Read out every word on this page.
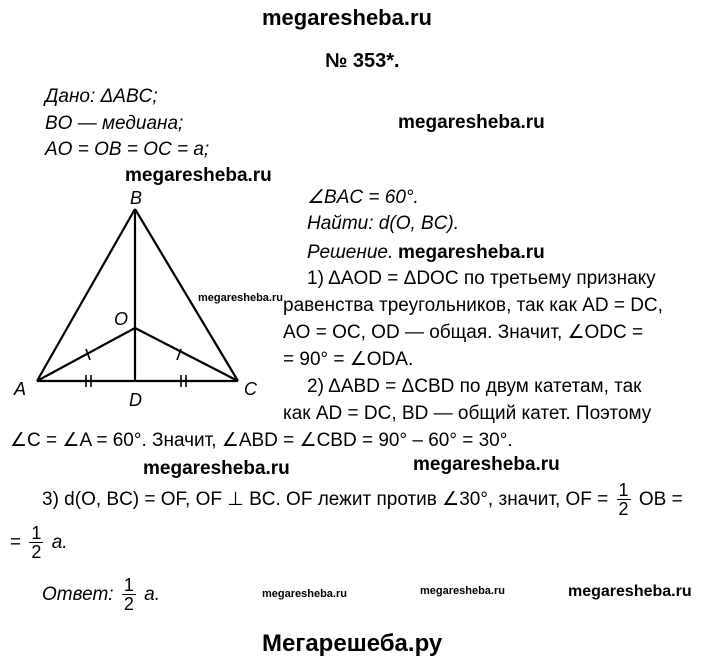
megaresheba.ru
megaresheba.ru
megaresheba.ru
megaresheba.ru
megaresheba.ru
megaresheba.ru	megaresheba.ru
megaresheba.ru	megaresheba.ru	megaresheba.ru
Мегарешеба.ру
№ 353*.
Дано: ΔABC;
BO — медиана;
AO = OB = OC = a;
∠BAC = 60°.
Найти: d(O, BC).
Решение.
B
O
A
D
C
1) ΔAOD = ΔDOC по третьему признаку
равенства треугольников, так как AD = DC,
AO = OC, OD — общая. Значит, ∠ODC =
= 90° = ∠ODA.
2) ΔABD = ΔCBD по двум катетам, так
как AD = DC, BD — общий катет. Поэтому
∠C = ∠A = 60°. Значит, ∠ABD = ∠CBD = 90° – 60° = 30°.
3) d(O, BC) = OF, OF ⊥ BC. OF лежит против ∠30°, значит, OF = $\frac{1}{2}$ OB =
= $\frac{1}{2} a$.
Ответ: $\frac{1}{2} a$.
